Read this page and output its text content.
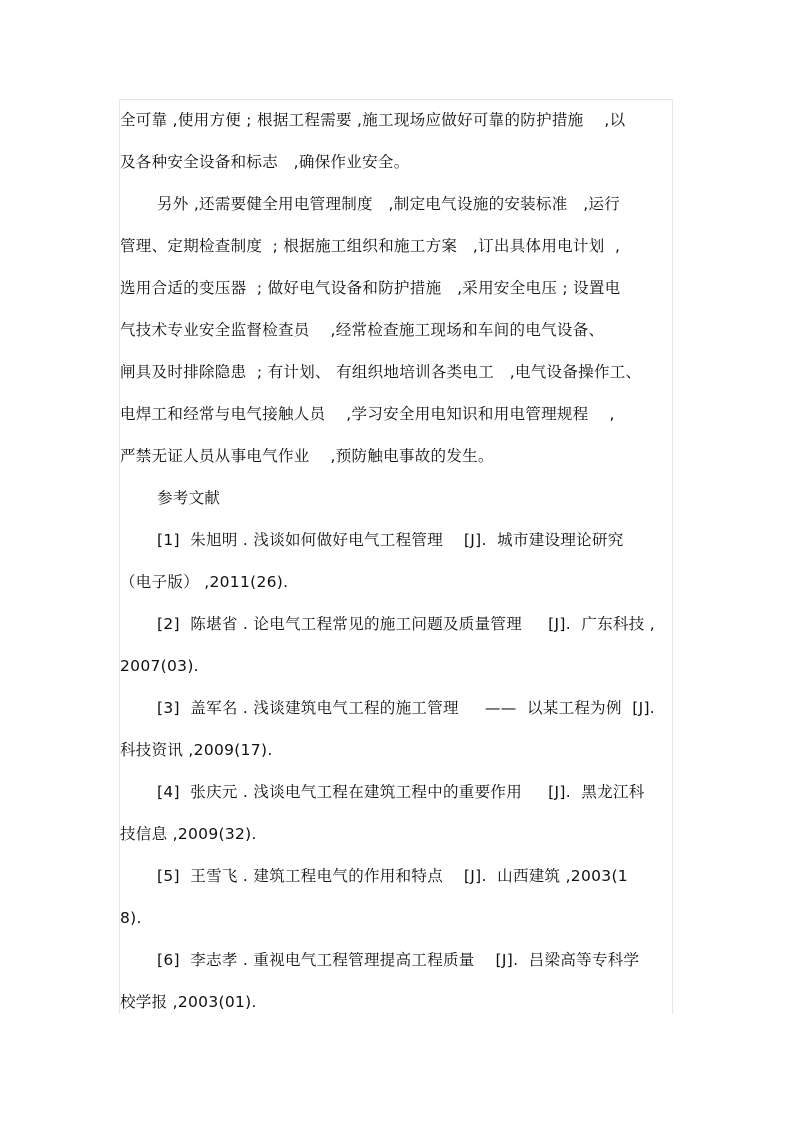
全可靠 ,使用方便 ; 根据工程需要 ,施工现场应做好可靠的防护措施    ,以
及各种安全设备和标志   ,确保作业安全。
另外 ,还需要健全用电管理制度   ,制定电气设施的安装标准   ,运行
管理、定期检查制度  ; 根据施工组织和施工方案   ,订出具体用电计划  ,
选用合适的变压器  ; 做好电气设备和防护措施   ,采用安全电压 ; 设置电
气技术专业安全监督检查员    ,经常检查施工现场和车间的电气设备、
闸具及时排除隐患  ; 有计划、 有组织地培训各类电工   ,电气设备操作工、
电焊工和经常与电气接触人员    ,学习安全用电知识和用电管理规程    ,
严禁无证人员从事电气作业    ,预防触电事故的发生。
参考文献
[1]  朱旭明 . 浅谈如何做好电气工程管理    [J].  城市建设理论研究
（电子版） ,2011(26).
[2]  陈堪省 . 论电气工程常见的施工问题及质量管理     [J].  广东科技 ,
2007(03).
[3]  盖军名 . 浅谈建筑电气工程的施工管理     ——  以某工程为例  [J].
科技资讯 ,2009(17).
[4]  张庆元 . 浅谈电气工程在建筑工程中的重要作用     [J].  黑龙江科
技信息 ,2009(32).
[5]  王雪飞 . 建筑工程电气的作用和特点    [J].  山西建筑 ,2003(1
8).
[6]  李志孝 . 重视电气工程管理提高工程质量    [J].  吕梁高等专科学
校学报 ,2003(01).
